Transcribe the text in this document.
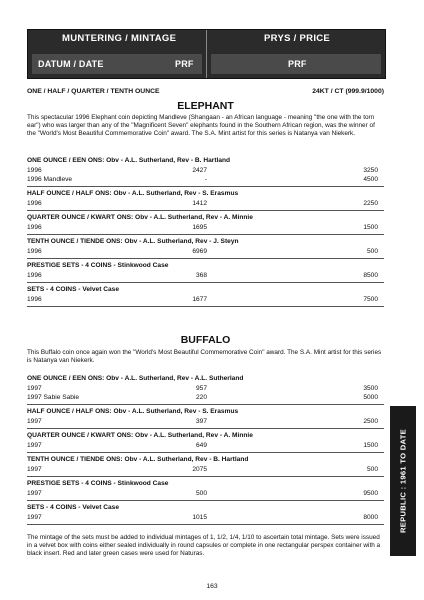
MUNTERING / MINTAGE	PRYS / PRICE
DATUM / DATE	PRF	PRF
ONE / HALF / QUARTER / TENTH OUNCE	24KT / CT (999.9/1000)
ELEPHANT
This spectacular 1996 Elephant coin depicting Mandleve (Shangaan - an African language - meaning "the one with the torn ear") who was larger than any of the "Magnificent Seven" elephants found in the Southern African region, was the winner of the "World's Most Beautiful Commemorative Coin" award. The S.A. Mint artist for this series is Natanya van Niekerk.
ONE OUNCE / EEN ONS: Obv - A.L. Sutherland, Rev - B. Hartland
1996	2427	3250
1996 Mandleve	-	4500
HALF OUNCE / HALF ONS: Obv - A.L. Sutherland, Rev - S. Erasmus
1996	1412	2250
QUARTER OUNCE / KWART ONS: Obv - A.L. Sutherland, Rev - A. Minnie
1996	1695	1500
TENTH OUNCE / TIENDE ONS: Obv - A.L. Sutherland, Rev - J. Steyn
1996	6969	500
PRESTIGE SETS - 4 COINS - Stinkwood Case
1996	368	8500
SETS - 4 COINS - Velvet Case
1996	1677	7500
BUFFALO
This Buffalo coin once again won the "World's Most Beautiful Commemorative Coin" award. The S.A. Mint artist for this series is Natanya van Niekerk.
ONE OUNCE / EEN ONS: Obv - A.L. Sutherland, Rev - A.L. Sutherland
1997	957	3500
1997 Sabie Sabie	220	5000
HALF OUNCE / HALF ONS: Obv - A.L. Sutherland, Rev - S. Erasmus
1997	397	2500
QUARTER OUNCE / KWART ONS: Obv - A.L. Sutherland, Rev - A. Minnie
1997	649	1500
TENTH OUNCE / TIENDE ONS: Obv - A.L. Sutherland, Rev - B. Hartland
1997	2075	500
PRESTIGE SETS - 4 COINS - Stinkwood Case
1997	500	9500
SETS - 4 COINS - Velvet Case
1997	1015	8000
The mintage of the sets must be added to individual mintages of 1, 1/2, 1/4, 1/10 to ascertain total mintage. Sets were issued in a velvet box with coins either sealed individually in round capsules or complete in one rectangular perspex container with a black insert. Red and later green cases were used for Naturas.
REPUBLIC : 1961 TO DATE
163
